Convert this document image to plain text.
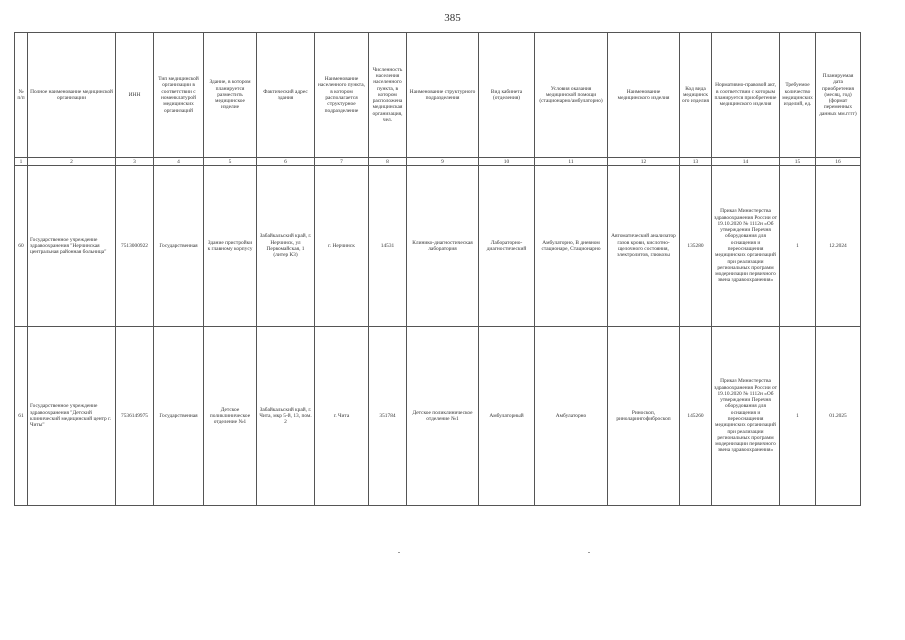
385
№ п/п	Полное наименование медицинской организации	ИНН	Тип медицинской организации в соответствии с номенклатурой медицинских организаций	Здание, в котором планируется разместить медицинское изделие	Фактический адрес здания	Наименование населенного пункта, в котором располагается структурное подразделение	Численность населения населенного пункта, в котором расположена медицинская организация, чел.	Наименование структурного подразделения	Вид кабинета (отделения)	Условия оказания медицинской помощи (стационарно/амбулаторно)	Наименование медицинского изделия	Код вида медицинского изделия	Нормативно-правовой акт, в соответствии с которым планируется приобретение медицинского изделия	Требуемое количество медицинских изделий, ед.	Планируемая дата приобретения (месяц, год) (формат переменных данных мм.гггг)
1	2	3	4	5	6	7	8	9	10	11	12	13	14	15	16
60	Государственное учреждение здравоохранения "Нерчинская центральная районная больница"	7513000922	Государственная	Здание пристройки к главному корпусу	Забайкальский край, г. Нерчинск, ул Первомайская, 1 (литер К3)	г. Нерчинск	14531	Клинико-диагностическая лаборатория	Лабораторно-диагностический	Амбулаторно, В дневном стационаре, Стационарно	Автоматический анализатор газов крови, кислотно-щелочного состояния, электролитов, глюкозы	135280	Приказ Министерства здравоохранения России от 19.10.2020 № 1112н «Об утверждении Перечня оборудования для оснащения и переоснащения медицинских организаций при реализации региональных программ модернизации первичного звена здравоохранения»	1	12.2024
61	Государственное учреждение здравоохранения "Детский клинический медицинский центр г. Читы"	7536149975	Государственная	Детское поликлиническое отделение №1	Забайкальский край, г. Чита, мкр 5-й, 13, пом. 2	г. Чита	351784	Детское поликлиническое отделение №1	Амбулаторный	Амбулаторно	Риноскоп, риноларингофиброскоп	145260	Приказ Министерства здравоохранения России от 19.10.2020 № 1112н «Об утверждении Перечня оборудования для оснащения и переоснащения медицинских организаций при реализации региональных программ модернизации первичного звена здравоохранения»	1	01.2025
